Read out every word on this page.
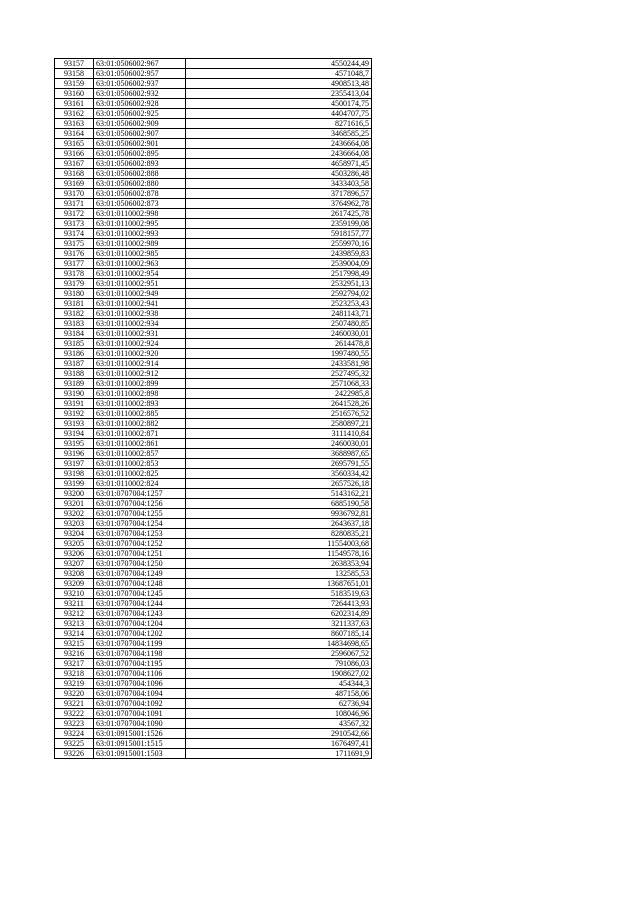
93157	63:01:0506002:967	4550244,49
93158	63:01:0506002:957	4571048,7
93159	63:01:0506002:937	4908513,48
93160	63:01:0506002:932	2355413,04
93161	63:01:0506002:928	4500174,75
93162	63:01:0506002:925	4404707,75
93163	63:01:0506002:909	8271616,5
93164	63:01:0506002:907	3468585,25
93165	63:01:0506002:901	2436664,08
93166	63:01:0506002:895	2436664,08
93167	63:01:0506002:893	4658971,45
93168	63:01:0506002:888	4503286,48
93169	63:01:0506002:880	3433403,58
93170	63:01:0506002:878	3717896,57
93171	63:01:0506002:873	3764962,78
93172	63:01:0110002:998	2617425,78
93173	63:01:0110002:995	2359199,08
93174	63:01:0110002:993	5918157,77
93175	63:01:0110002:989	2559970,16
93176	63:01:0110002:985	2439859,83
93177	63:01:0110002:963	2539004,09
93178	63:01:0110002:954	2517998,49
93179	63:01:0110002:951	2532951,13
93180	63:01:0110002:949	2592794,02
93181	63:01:0110002:941	2523253,43
93182	63:01:0110002:938	2481143,71
93183	63:01:0110002:934	2507480,85
93184	63:01:0110002:931	2460030,01
93185	63:01:0110002:924	2614478,8
93186	63:01:0110002:920	1997480,55
93187	63:01:0110002:914	2433581,98
93188	63:01:0110002:912	2527495,32
93189	63:01:0110002:899	2571068,33
93190	63:01:0110002:898	2422985,8
93191	63:01:0110002:893	2641528,26
93192	63:01:0110002:885	2516576,52
93193	63:01:0110002:882	2580897,21
93194	63:01:0110002:871	3111410,84
93195	63:01:0110002:861	2460030,01
93196	63:01:0110002:857	3688987,65
93197	63:01:0110002:853	2695791,55
93198	63:01:0110002:825	3560334,42
93199	63:01:0110002:824	2657526,18
93200	63:01:0707004:1257	5143162,21
93201	63:01:0707004:1256	6885190,58
93202	63:01:0707004:1255	9936792,81
93203	63:01:0707004:1254	2643637,18
93204	63:01:0707004:1253	8280835,21
93205	63:01:0707004:1252	11554003,68
93206	63:01:0707004:1251	11549578,16
93207	63:01:0707004:1250	2638353,94
93208	63:01:0707004:1249	132585,53
93209	63:01:0707004:1248	13687651,01
93210	63:01:0707004:1245	5183519,63
93211	63:01:0707004:1244	7264413,93
93212	63:01:0707004:1243	6202314,89
93213	63:01:0707004:1204	3211337,63
93214	63:01:0707004:1202	8607185,14
93215	63:01:0707004:1199	14834698,65
93216	63:01:0707004:1198	2596067,52
93217	63:01:0707004:1195	791086,03
93218	63:01:0707004:1106	1908627,02
93219	63:01:0707004:1096	454344,3
93220	63:01:0707004:1094	487158,06
93221	63:01:0707004:1092	62736,94
93222	63:01:0707004:1091	108046,96
93223	63:01:0707004:1090	43567,32
93224	63:01:0915001:1526	2910542,66
93225	63:01:0915001:1515	1676497,41
93226	63:01:0915001:1503	1711691,9
